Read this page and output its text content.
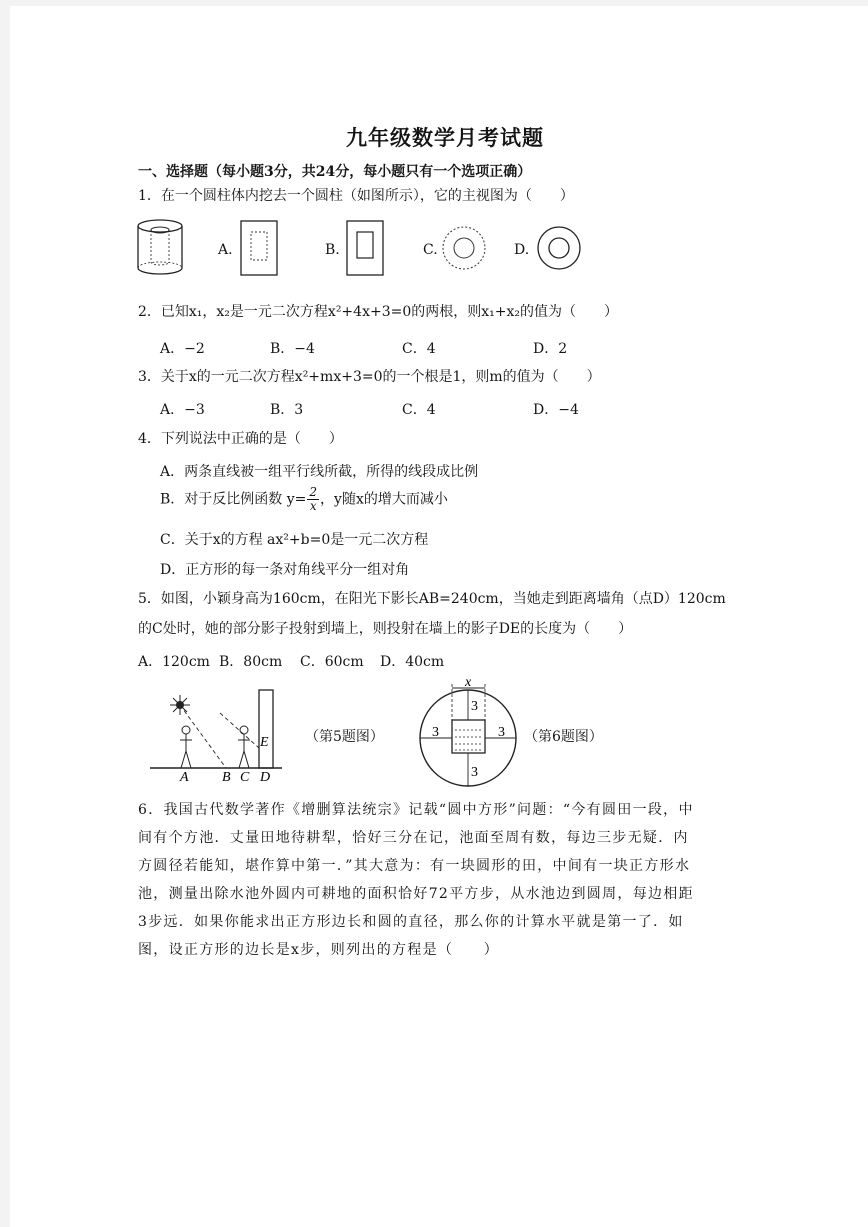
九年级数学月考试题
一、选择题（每小题3分，共24分，每小题只有一个选项正确）
1．在一个圆柱体内挖去一个圆柱（如图所示），它的主视图为（　　）
A.	B.	C.	D.
2．已知x₁，x₂是一元二次方程x²+4x+3=0的两根，则x₁+x₂的值为（　　）
A．−2	B．−4	C．4	D．2
3．关于x的一元二次方程x²+mx+3=0的一个根是1，则m的值为（　　）
A．−3	B．3	C．4	D．−4
4．下列说法中正确的是（　　）
A．两条直线被一组平行线所截，所得的线段成比例
B．对于反比例函数 $y= \frac{2}{x}$ ，y随x的增大而减小
C．关于x的方程 ax²+b=0是一元二次方程
D．正方形的每一条对角线平分一组对角
5．如图，小颖身高为160cm，在阳光下影长AB=240cm，当她走到距离墙角（点D）120cm
的C处时，她的部分影子投射到墙上，则投射在墙上的影子DE的长度为（　　）
A．120cm B．80cm C．60cm D．40cm
A B C D
E	（第5题图）
x
3
3
3	3 （第6题图）
6．我国古代数学著作《增删算法统宗》记载“圆中方形”问题：“今有圆田一段，中间有个方池．丈量田地待耕犁，恰好三分在记，池面至周有数，每边三步无疑．内方圆径若能知，堪作算中第一．”其大意为：有一块圆形的田，中间有一块正方形水池，测量出除水池外圆内可耕地的面积恰好72平方步，从水池边到圆周，每边相距3步远．如果你能求出正方形边长和圆的直径，那么你的计算水平就是第一了．如图，设正方形的边长是x步，则列出的方程是（　　）
